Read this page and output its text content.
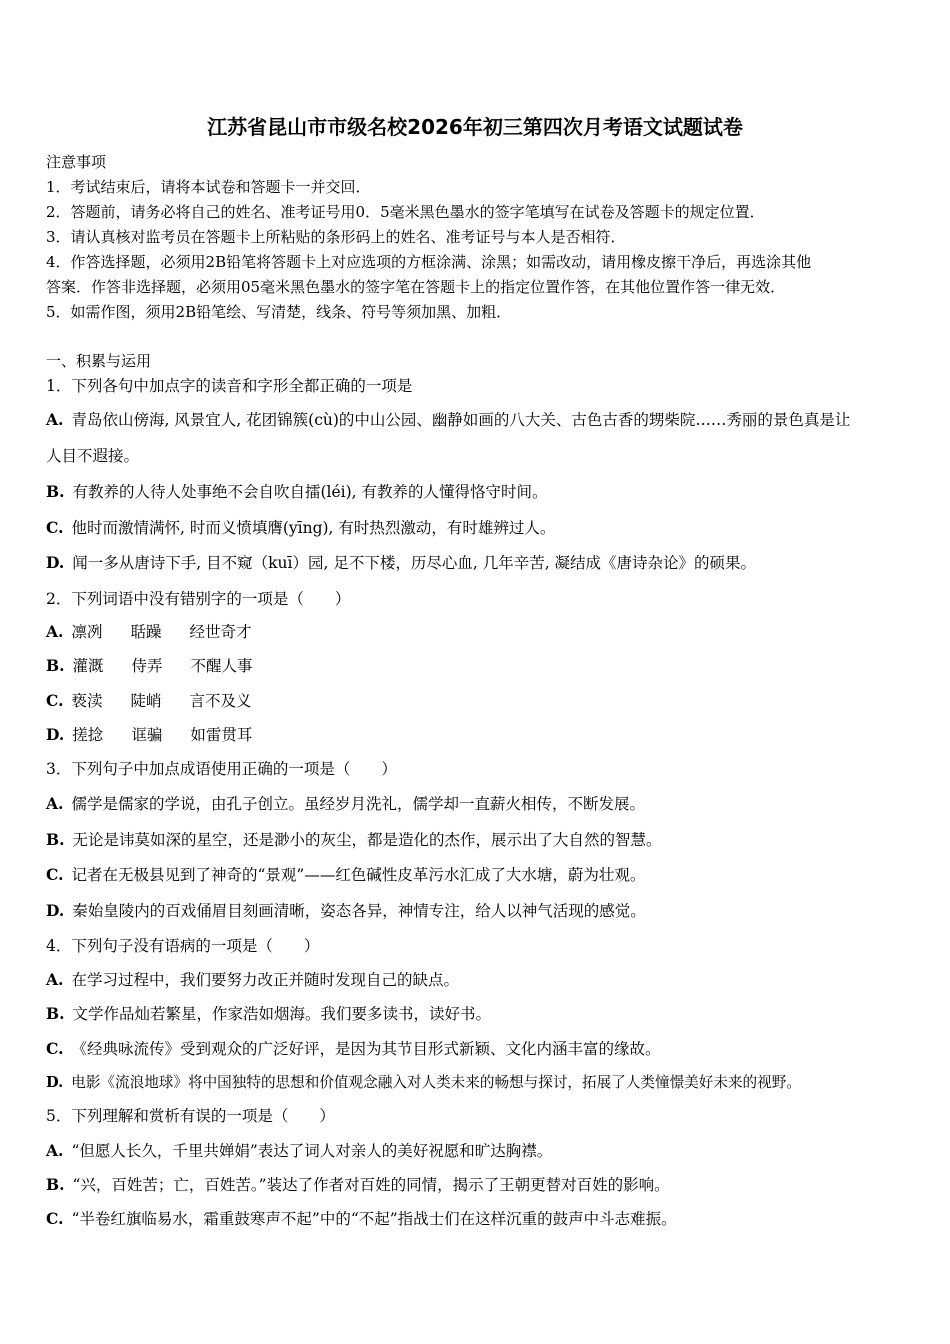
江苏省昆山市市级名校2026年初三第四次月考语文试题试卷
注意事项
1．考试结束后，请将本试卷和答题卡一并交回．
2．答题前，请务必将自己的姓名、准考证号用0．5毫米黑色墨水的签字笔填写在试卷及答题卡的规定位置．
3．请认真核对监考员在答题卡上所粘贴的条形码上的姓名、准考证号与本人是否相符．
4．作答选择题，必须用2B铅笔将答题卡上对应选项的方框涂满、涂黑；如需改动，请用橡皮擦干净后，再选涂其他
答案．作答非选择题，必须用05毫米黑色墨水的签字笔在答题卡上的指定位置作答，在其他位置作答一律无效．
5．如需作图，须用2B铅笔绘、写清楚，线条、符号等须加黑、加粗．
一、积累与运用
1．下列各句中加点字的读音和字形全都正确的一项是
A. 青岛依山傍海, 风景宜人, 花团锦簇(cù)的中山公园、幽静如画的八大关、古色古香的甥柴院……秀丽的景色真是让
人目不遐接。
B. 有教养的人待人处事绝不会自吹自擂(léi), 有教养的人懂得恪守时间。
C. 他时而激情满怀, 时而义愤填膺(yīng), 有时热烈激动，有时雄辨过人。
D. 闻一多从唐诗下手, 目不窥（kuī）园, 足不下楼，历尽心血, 几年辛苦, 凝结成《唐诗杂论》的硕果。
2．下列词语中没有错别字的一项是（　　）
A. 凛冽 聒躁 经世奇才
B. 灌溉 侍弄 不醒人事
C. 亵渎 陡峭 言不及义
D. 搓捻 诓骗 如雷贯耳
3．下列句子中加点成语使用正确的一项是（　　）
A. 儒学是儒家的学说，由孔子创立。虽经岁月洗礼，儒学却一直薪火相传，不断发展。
B. 无论是讳莫如深的星空，还是渺小的灰尘，都是造化的杰作，展示出了大自然的智慧。
C. 记者在无极县见到了神奇的“景观”——红色碱性皮革污水汇成了大水塘，蔚为壮观。
D. 秦始皇陵内的百戏俑眉目刻画清晰，姿态各异，神情专注，给人以神气活现的感觉。
4．下列句子没有语病的一项是（　　）
A. 在学习过程中，我们要努力改正并随时发现自己的缺点。
B. 文学作品灿若繁星，作家浩如烟海。我们要多读书，读好书。
C. 《经典咏流传》受到观众的广泛好评，是因为其节目形式新颖、文化内涵丰富的缘故。
D. 电影《流浪地球》将中国独特的思想和价值观念融入对人类未来的畅想与探讨，拓展了人类憧憬美好未来的视野。
5．下列理解和赏析有误的一项是（　　）
A. “但愿人长久，千里共婵娟”表达了词人对亲人的美好祝愿和旷达胸襟。
B. “兴，百姓苦；亡，百姓苦。”装达了作者对百姓的同情，揭示了王朝更替对百姓的影响。
C. “半卷红旗临易水，霜重鼓寒声不起”中的“不起”指战士们在这样沉重的鼓声中斗志难振。
